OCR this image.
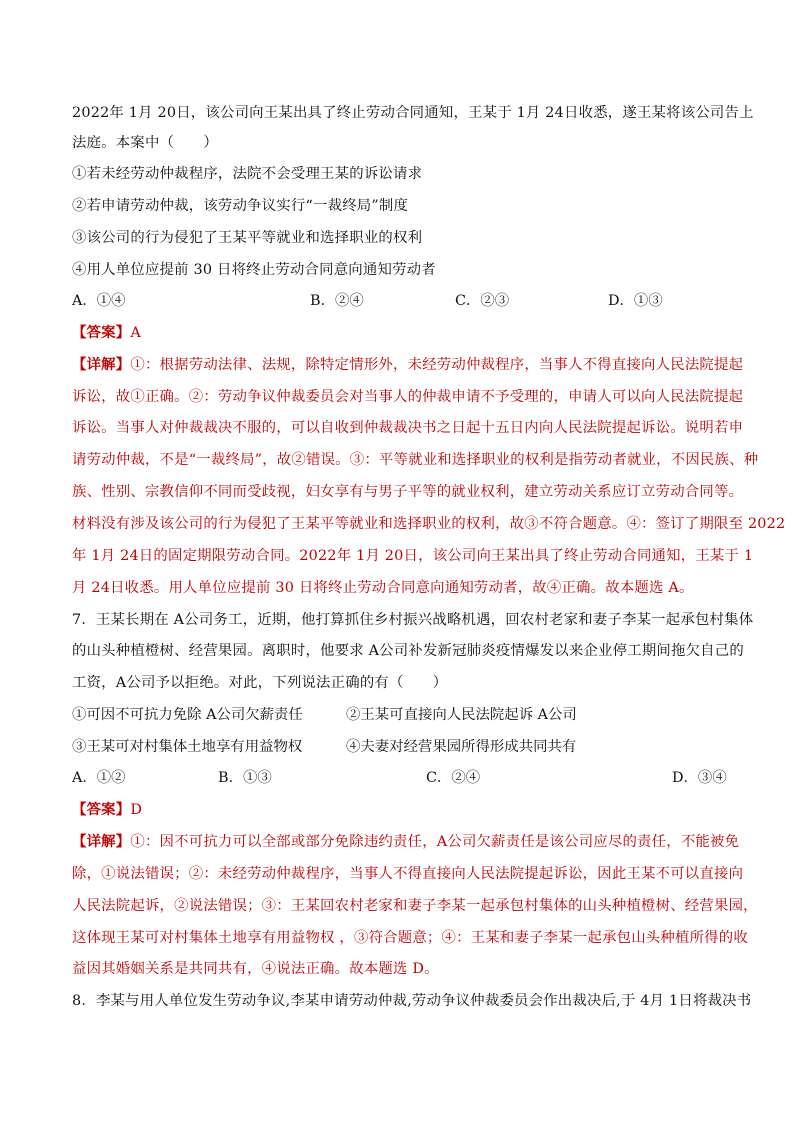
2022年 1月 20日，该公司向王某出具了终止劳动合同通知，王某于 1月 24日收悉，遂王某将该公司告上
法庭。本案中（　　）
①若未经劳动仲裁程序，法院不会受理王某的诉讼请求
②若申请劳动仲裁，该劳动争议实行“一裁终局”制度
③该公司的行为侵犯了王某平等就业和选择职业的权利
④用人单位应提前 30 日将终止劳动合同意向通知劳动者
A．①④	B．②④	C．②③	D．①③
【答案】A
【详解】①：根据劳动法律、法规，除特定情形外，未经劳动仲裁程序，当事人不得直接向人民法院提起
诉讼，故①正确。②：劳动争议仲裁委员会对当事人的仲裁申请不予受理的，申请人可以向人民法院提起
诉讼。当事人对仲裁裁决不服的，可以自收到仲裁裁决书之日起十五日内向人民法院提起诉讼。说明若申
请劳动仲裁，不是“一裁终局”，故②错误。③：平等就业和选择职业的权利是指劳动者就业，不因民族、种
族、性别、宗教信仰不同而受歧视，妇女享有与男子平等的就业权利，建立劳动关系应订立劳动合同等。
材料没有涉及该公司的行为侵犯了王某平等就业和选择职业的权利，故③不符合题意。④：签订了期限至 2022
年 1月 24日的固定期限劳动合同。2022年 1月 20日，该公司向王某出具了终止劳动合同通知，王某于 1
月 24日收悉。用人单位应提前 30 日将终止劳动合同意向通知劳动者，故④正确。故本题选 A。
7．王某长期在 A公司务工，近期，他打算抓住乡村振兴战略机遇，回农村老家和妻子李某一起承包村集体
的山头种植橙树、经营果园。离职时，他要求 A公司补发新冠肺炎疫情爆发以来企业停工期间拖欠自己的
工资，A公司予以拒绝。对此，下列说法正确的有（　　）
①可因不可抗力免除 A公司欠薪责任	②王某可直接向人民法院起诉 A公司
③王某可对村集体土地享有用益物权	④夫妻对经营果园所得形成共同共有
A．①②	B．①③	C．②④	D．③④
【答案】D
【详解】①：因不可抗力可以全部或部分免除违约责任，A公司欠薪责任是该公司应尽的责任，不能被免
除，①说法错误；②：未经劳动仲裁程序，当事人不得直接向人民法院提起诉讼，因此王某不可以直接向
人民法院起诉，②说法错误；③：王某回农村老家和妻子李某一起承包村集体的山头种植橙树、经营果园，
这体现王某可对村集体土地享有用益物权 ，③符合题意；④：王某和妻子李某一起承包山头种植所得的收
益因其婚姻关系是共同共有，④说法正确。故本题选 D。
8．李某与用人单位发生劳动争议,李某申请劳动仲裁,劳动争议仲裁委员会作出裁决后,于 4月 1日将裁决书
